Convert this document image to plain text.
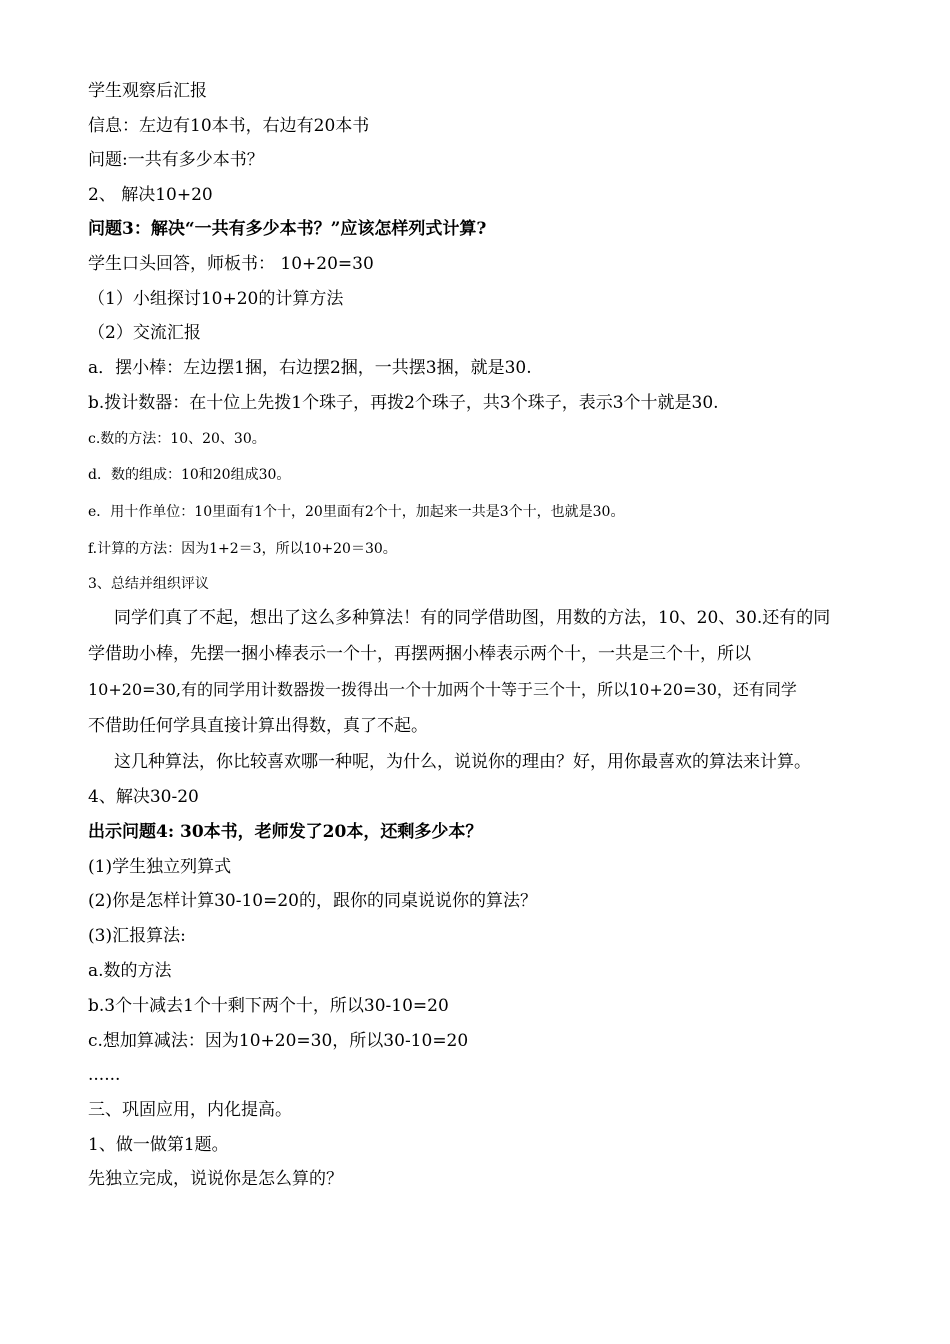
学生观察后汇报
信息：左边有10本书，右边有20本书
问题:一共有多少本书？
2、 解决10+20
问题3：解决“一共有多少本书？”应该怎样列式计算?
学生口头回答，师板书： 10+20=30
（1）小组探讨10+20的计算方法
（2）交流汇报
a．摆小棒：左边摆1捆，右边摆2捆，一共摆3捆，就是30.
b.拨计数器：在十位上先拨1个珠子，再拨2个珠子，共3个珠子，表示3个十就是30.
c.数的方法：10、20、30。
d．数的组成：10和20组成30。
e．用十作单位：10里面有1个十，20里面有2个十，加起来一共是3个十，也就是30。
f.计算的方法：因为1+2＝3，所以10+20＝30。
3、总结并组织评议
同学们真了不起，想出了这么多种算法！有的同学借助图，用数的方法，10、20、30.还有的同
学借助小棒，先摆一捆小棒表示一个十，再摆两捆小棒表示两个十，一共是三个十，所以
10+20=30,有的同学用计数器拨一拨得出一个十加两个十等于三个十，所以10+20=30，还有同学
不借助任何学具直接计算出得数，真了不起。
这几种算法，你比较喜欢哪一种呢，为什么，说说你的理由？好，用你最喜欢的算法来计算。
4、解决30-20
出示问题4: 30本书，老师发了20本，还剩多少本？
(1)学生独立列算式
(2)你是怎样计算30-10=20的，跟你的同桌说说你的算法？
(3)汇报算法:
a.数的方法
b.3个十减去1个十剩下两个十，所以30-10=20
c.想加算减法：因为10+20=30，所以30-10=20
......
三、巩固应用，内化提高。
1、做一做第1题。
先独立完成，说说你是怎么算的？
